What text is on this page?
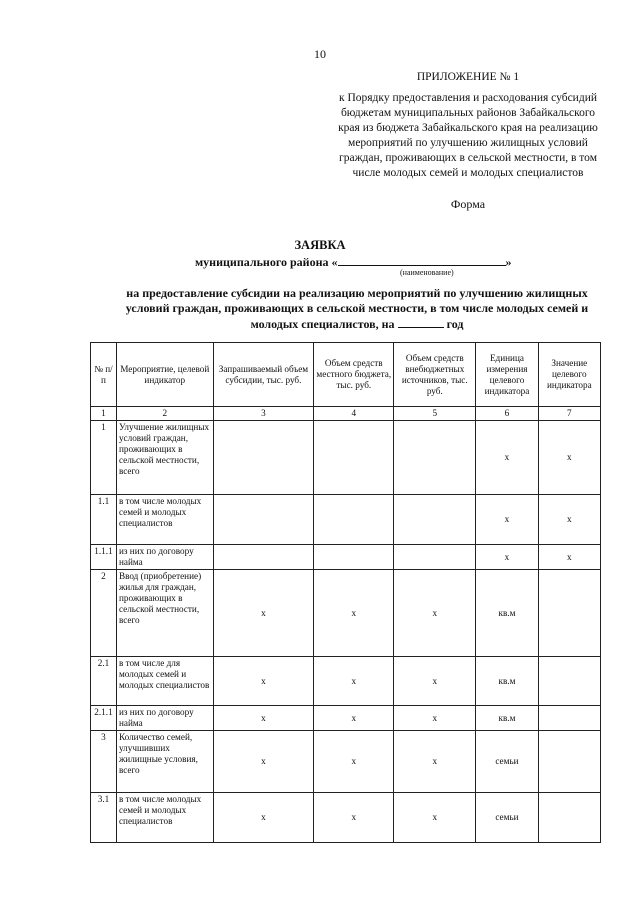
10
ПРИЛОЖЕНИЕ № 1
к Порядку предоставления и расходования субсидий
бюджетам муниципальных районов Забайкальского
края из бюджета Забайкальского края на реализацию
мероприятий по улучшению жилищных условий
граждан, проживающих в сельской местности, в том
числе молодых семей и молодых специалистов
Форма
ЗАЯВКА
муниципального района «	»
(наименование)
на предоставление субсидии на реализацию мероприятий по улучшению жилищных
условий граждан, проживающих в сельской местности, в том числе молодых семей и
молодых специалистов, на	год
№ п/п	Мероприятие, целевой индикатор	Запрашиваемый объем субсидии, тыс. руб.	Объем средств местного бюджета, тыс. руб.	Объем средств внебюджетных источников, тыс. руб.	Единица измерения целевого индикатора	Значение целевого индикатора
1	2	3	4	5	6	7
1	Улучшение жилищных условий граждан, проживающих в сельской местности, всего				х	х
1.1	в том числе молодых семей и молодых специалистов				х	х
1.1.1	из них по договору найма				х	х
2	Ввод (приобретение) жилья для граждан, проживающих в сельской местности, всего	х	х	х	кв.м	
2.1	в том числе для молодых семей и молодых специалистов	х	х	х	кв.м	
2.1.1	из них по договору найма	х	х	х	кв.м	
3	Количество семей, улучшивших жилищные условия, всего	х	х	х	семьи	
3.1	в том числе молодых семей и молодых специалистов	х	х	х	семьи	
